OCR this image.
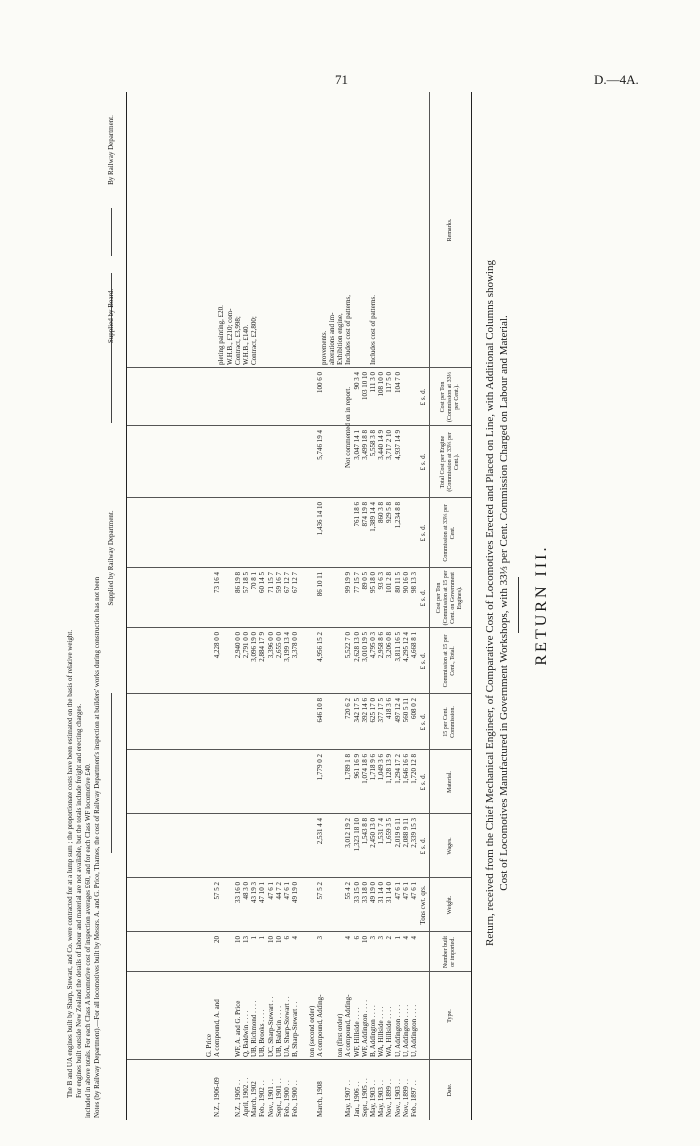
71	D.—4A.
RETURN III.
Return, received from the Chief Mechanical Engineer, of Comparative Cost of Locomotives Erected and Placed on Line, with Additional Columns showing Cost of Locomotives Manufactured in Government Workshops, with 33⅓ per Cent. Commission Charged on Labour and Material.
Date.
Type.
Number built or imported.
Weight.
Wages.
Material.
15 per Cent. Commission.
Commission at 15 per Cent., Total.
Cost per Ton (Commission at 15 per Cent. on Government Engines).
Commission at 33⅓ per Cent.
Total Cost per Engine (Commission at 33⅓ per Cent.).
Cost per Ton (Commission at 33⅓ per Cent.).
Remarks.
Tons cwt. qrs.
£ s. d.
£ s. d.
£ s. d.
£ s. d.
£ s. d.
£ s. d.
£ s. d.
£ s. d.
Feb., 1897 . .
U, Addington . . . .
4
47 6 1
2,339 15 3
1,720 12 8
608 0 2
4,668 8 1
98 13 3
Nov., 1899 . .
U, Addington . . . .
4
47 6 1
2,088 9 11
1,646 16 6
560 5 11
4,295 12 4
90 16 0
Nov., 1903 . .
U, Addington . . . .
1
47 6 1
2,019 6 11
1,294 17 2
497 12 4
3,811 16 5
80 11 5
Nov., 1899 . .
WA, Hillside . . . .
2
31 14 0
1,659 3 5
1,128 13 9
418 3 6
3,206 0 8
101 2 8
May, 1903 . .
WA, Hillside . . . .
3
31 14 0
1,531 7 4
1,049 3 6
377 17 5
2,958 8 6
93 6 3
May, 1903 . .
B, Addington . . . .
3
49 19 0
2,450 13 0
1,718 9 6
625 17 0
4,795 0 3
95 18 0
Sept., 1905 . .
WF, Addington . . . .
10
33 18 0
1,543 8 8
1,074 18 6
392 14 6
3,010 19 5
89 0 5
Jan., 1906 . .
WF, Hillside . . . .
6
33 15 0
1,323 18 10
961 16 9
342 17 5
2,628 13 0
77 15 7
May, 1907 . .
A compound, Adding-
4
55 4 2
3,012 19 2
1,789 1 8
720 6 2
5,522 7 0
99 19 9
ton (first order)
1,234 8 8
4,937 14 9
104 7 0
929 5 8
3,717 2 10
117 5 0
860 3 8
3,440 14 9
108 10 0
1,389 14 4
5,558 3 8
111 3 0
874 19 8
3,499 18 8
103 10 10
761 18 6
3,047 14 1
90 3 4
Not commented on in report.
Includes cost of patterns.
Includes cost of patterns,
Exhibition engine,
alterations and im-
provements.
March, 1908
A compound, Adding-
ton (second order)
3
57 5 2
2,531 4 4
1,779 0 2
646 10 8
4,956 15 2
86 10 11
1,436 14 10
5,746 19 4
100 6 0
Feb., 1900 . .
B, Sharp-Stewart . .
4
49 19 0
3,378 0 0
67 12 7
Feb., 1900 . .
UA, Sharp-Stewart . .
6
47 6 1
3,199 13 4
67 12 7
Sept., 1901 . .
UB, Baldwin . . . .
10
44 7 2
2,655 0 0
59 16 7
Nov., 1901 . .
UC, Sharp-Stewart . .
10
47 6 1
3,396 0 0
71 15 7
Feb., 1902 . .
UB, Brooks . . . .
1
47 10 1
2,884 17 9
60 14 5
March, 1902
UB, Richmond . . . .
1
43 19 3
3,096 19 0
70 8 1
April, 1902 . .
Q, Baldwin . . . .
13
48 3 0
2,791 0 0
57 18 5
N.Z., 1905 . .
WF, A. and G. Price
10
33 16 0
2,940 0 0
86 19 8
N.Z., 1906-09
A compound, A. and
G. Price
20
57 5 2
4,228 0 0
73 16 4
Contract, £2,800;
W.H.B., £140.
Contract, £3,998;
W.H.B., £210; com-
pleting painting, £20.
Supplied by Railway Department.
Supplied by Board.
By Railway Department.
Notes (by Railway Department).—For all locomotives built by Messrs. A. and G. Price, Thames, the cost of Railway Department's inspection at builders' works during construction has not been
included in above totals. For each Class A locomotive cost of inspection averages £60, and for each Class WF locomotive £40.
For engines built outside New Zealand the details of labour and material are not available, but the totals include freight and erecting charges.
The B and UA engines built by Sharp, Stewart, and Co. were contracted for at a lump sum ; the proportionate costs have been estimated on the basis of relative weight.
